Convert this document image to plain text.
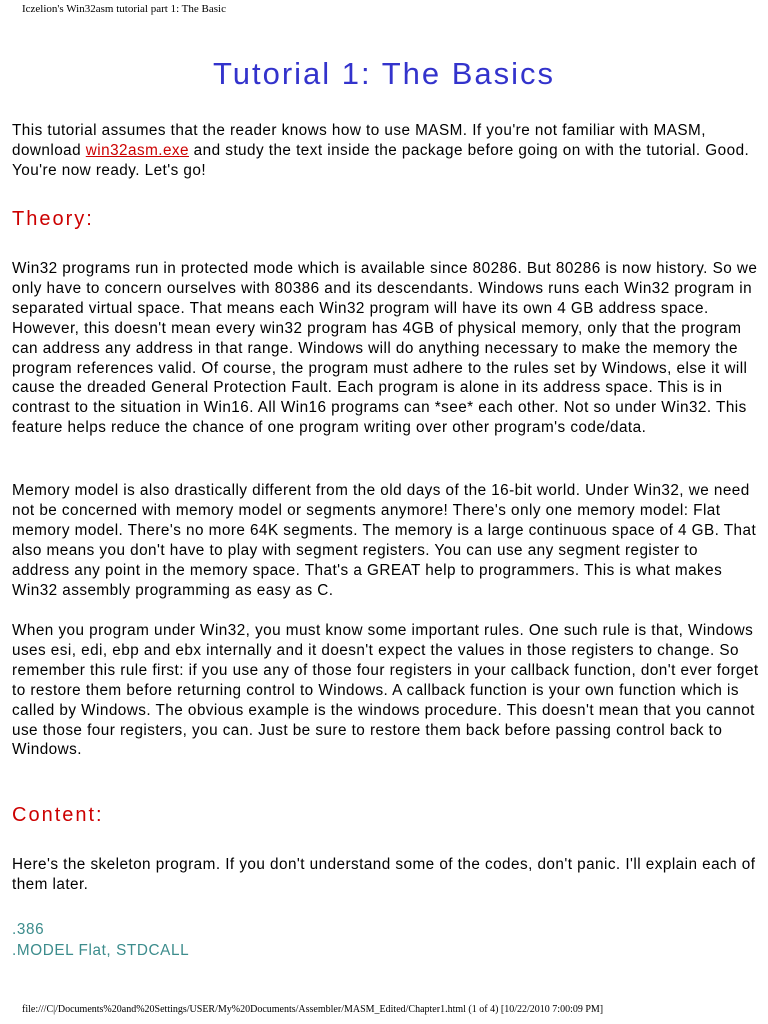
Iczelion's Win32asm tutorial part 1: The Basic
Tutorial 1: The Basics

This tutorial assumes that the reader knows how to use MASM. If you're not familiar with MASM, download win32asm.exe and study the text inside the package before going on with the tutorial. Good. You're now ready. Let's go!

Theory:

Win32 programs run in protected mode which is available since 80286. But 80286 is now history. So we only have to concern ourselves with 80386 and its descendants. Windows runs each Win32 program in separated virtual space. That means each Win32 program will have its own 4 GB address space. However, this doesn't mean every win32 program has 4GB of physical memory, only that the program can address any address in that range. Windows will do anything necessary to make the memory the program references valid. Of course, the program must adhere to the rules set by Windows, else it will cause the dreaded General Protection Fault. Each program is alone in its address space. This is in contrast to the situation in Win16. All Win16 programs can *see* each other. Not so under Win32. This feature helps reduce the chance of one program writing over other program's code/data.

Memory model is also drastically different from the old days of the 16-bit world. Under Win32, we need not be concerned with memory model or segments anymore! There's only one memory model: Flat memory model. There's no more 64K segments. The memory is a large continuous space of 4 GB. That also means you don't have to play with segment registers. You can use any segment register to address any point in the memory space. That's a GREAT help to programmers. This is what makes Win32 assembly programming as easy as C.

When you program under Win32, you must know some important rules. One such rule is that, Windows uses esi, edi, ebp and ebx internally and it doesn't expect the values in those registers to change. So remember this rule first: if you use any of those four registers in your callback function, don't ever forget to restore them before returning control to Windows. A callback function is your own function which is called by Windows. The obvious example is the windows procedure. This doesn't mean that you cannot use those four registers, you can. Just be sure to restore them back before passing control back to Windows.

Content:

Here's the skeleton program. If you don't understand some of the codes, don't panic. I'll explain each of them later.

.386
.MODEL Flat, STDCALL
file:///C|/Documents%20and%20Settings/USER/My%20Documents/Assembler/MASM_Edited/Chapter1.html (1 of 4) [10/22/2010 7:00:09 PM]
